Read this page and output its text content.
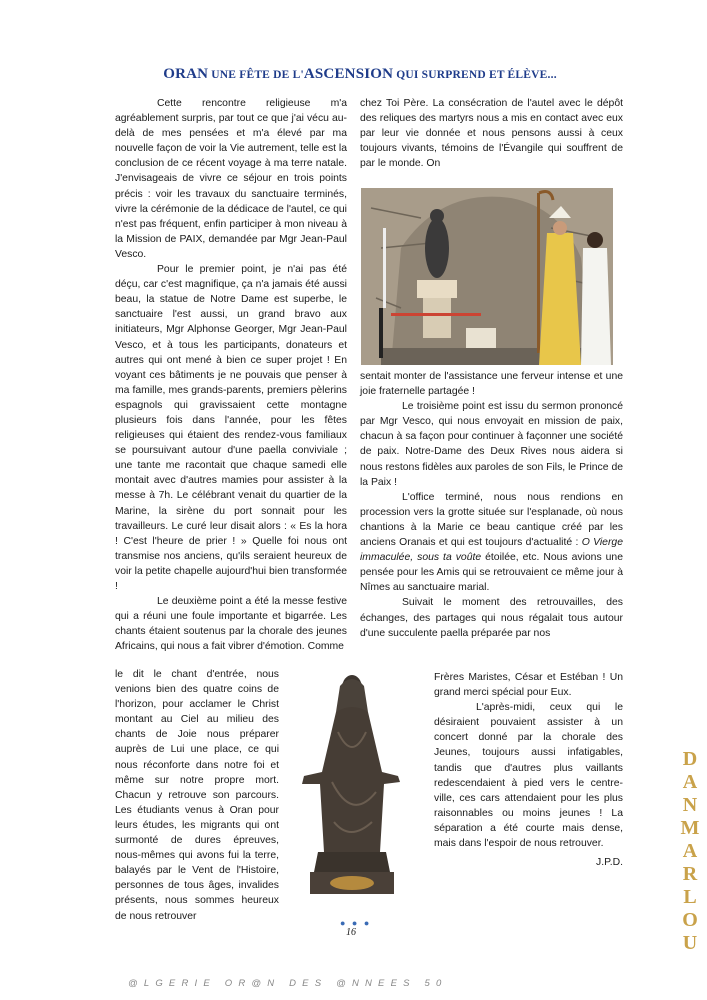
ORAN UNE FÊTE DE L'ASCENSION QUI SURPREND ET ÉLÈVE...

Cette rencontre religieuse m'a agréablement surpris, par tout ce que j'ai vécu au-delà de mes pensées et m'a élevé par ma nouvelle façon de voir la Vie autrement, telle est la conclusion de ce récent voyage à ma terre natale. J'envisageais de vivre ce séjour en trois points précis : voir les travaux du sanctuaire terminés, vivre la cérémonie de la dédicace de l'autel, ce qui n'est pas fréquent, enfin participer à mon niveau à la Mission de PAIX, demandée par Mgr Jean-Paul Vesco.

Pour le premier point, je n'ai pas été déçu, car c'est magnifique, ça n'a jamais été aussi beau, la statue de Notre Dame est superbe, le sanctuaire l'est aussi, un grand bravo aux initiateurs, Mgr Alphonse Georger, Mgr Jean-Paul Vesco, et à tous les participants, donateurs et autres qui ont mené à bien ce super projet ! En voyant ces bâtiments je ne pouvais que penser à ma famille, mes grands-parents, premiers pèlerins espagnols qui gravissaient cette montagne plusieurs fois dans l'année, pour les fêtes religieuses qui étaient des rendez-vous familiaux se poursuivant autour d'une paella conviviale ; une tante me racontait que chaque samedi elle montait avec d'autres mamies pour assister à la messe à 7h. Le célébrant venait du quartier de la Marine, la sirène du port sonnait pour les travailleurs. Le curé leur disait alors : « Es la hora ! C'est l'heure de prier ! » Quelle foi nous ont transmise nos anciens, qu'ils seraient heureux de voir la petite chapelle aujourd'hui bien transformée !

Le deuxième point a été la messe festive qui a réuni une foule importante et bigarrée. Les chants étaient soutenus par la chorale des jeunes Africains, qui nous a fait vibrer d'émotion. Comme

le dit le chant d'entrée, nous venions bien des quatre coins de l'horizon, pour acclamer le Christ montant au Ciel au milieu des chants de Joie nous préparer auprès de Lui une place, ce qui nous réconforte dans notre foi et même sur notre propre mort. Chacun y retrouve son parcours. Les étudiants venus à Oran pour leurs études, les migrants qui ont surmonté de dures épreuves, nous-mêmes qui avons fui la terre, balayés par le Vent de l'Histoire, personnes de tous âges, invalides présents, nous sommes heureux de nous retrouver

chez Toi Père. La consécration de l'autel avec le dépôt des reliques des martyrs nous a mis en contact avec eux par leur vie donnée et nous pensons aussi à ceux toujours vivants, témoins de l'Évangile qui souffrent de par le monde. On

sentait monter de l'assistance une ferveur intense et une joie fraternelle partagée !

Le troisième point est issu du sermon prononcé par Mgr Vesco, qui nous envoyait en mission de paix, chacun à sa façon pour continuer à façonner une société de paix. Notre-Dame des Deux Rives nous aidera si nous restons fidèles aux paroles de son Fils, le Prince de la Paix !

L'office terminé, nous nous rendions en procession vers la grotte située sur l'esplanade, où nous chantions à la Marie ce beau cantique créé par les anciens Oranais et qui est toujours d'actualité : O Vierge immaculée, sous ta voûte étoilée, etc. Nous avions une pensée pour les Amis qui se retrouvaient ce même jour à Nîmes au sanctuaire marial.

Suivait le moment des retrouvailles, des échanges, des partages qui nous régalait tous autour d'une succulente paella préparée par nos

Frères Maristes, César et Estéban ! Un grand merci spécial pour Eux.

L'après-midi, ceux qui le désiraient pouvaient assister à un concert donné par la chorale des Jeunes, toujours aussi infatigables, tandis que d'autres plus vaillants redescendaient à pied vers le centre-ville, ces cars attendaient pour les plus raisonnables ou moins jeunes ! La séparation a été courte mais dense, mais dans l'espoir de nous retrouver.

J.P.D.

● ● ●
16
@LGERIE OR@N DES @NNEES 50
DANMARLOU
